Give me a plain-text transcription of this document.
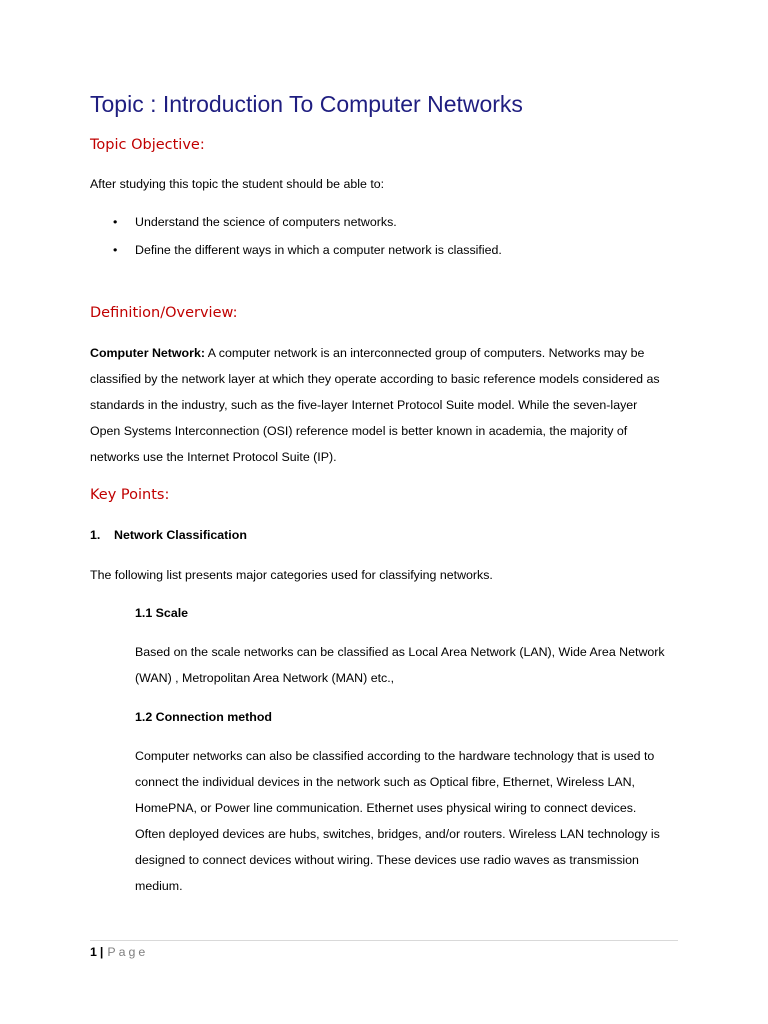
Topic : Introduction To Computer Networks
Topic Objective:
After studying this topic the student should be able to:
• Understand the science of computers networks.
• Define the different ways in which a computer network is classified.
Definition/Overview:
Computer Network: A computer network is an interconnected group of computers. Networks may be
classified by the network layer at which they operate according to basic reference models considered as
standards in the industry, such as the five-layer Internet Protocol Suite model. While the seven-layer
Open Systems Interconnection (OSI) reference model is better known in academia, the majority of
networks use the Internet Protocol Suite (IP).
Key Points:
1. Network Classification
The following list presents major categories used for classifying networks.
1.1 Scale
Based on the scale networks can be classified as Local Area Network (LAN), Wide Area Network
(WAN) , Metropolitan Area Network (MAN) etc.,
1.2 Connection method
Computer networks can also be classified according to the hardware technology that is used to
connect the individual devices in the network such as Optical fibre, Ethernet, Wireless LAN,
HomePNA, or Power line communication. Ethernet uses physical wiring to connect devices.
Often deployed devices are hubs, switches, bridges, and/or routers. Wireless LAN technology is
designed to connect devices without wiring. These devices use radio waves as transmission
medium.
1 | Page
